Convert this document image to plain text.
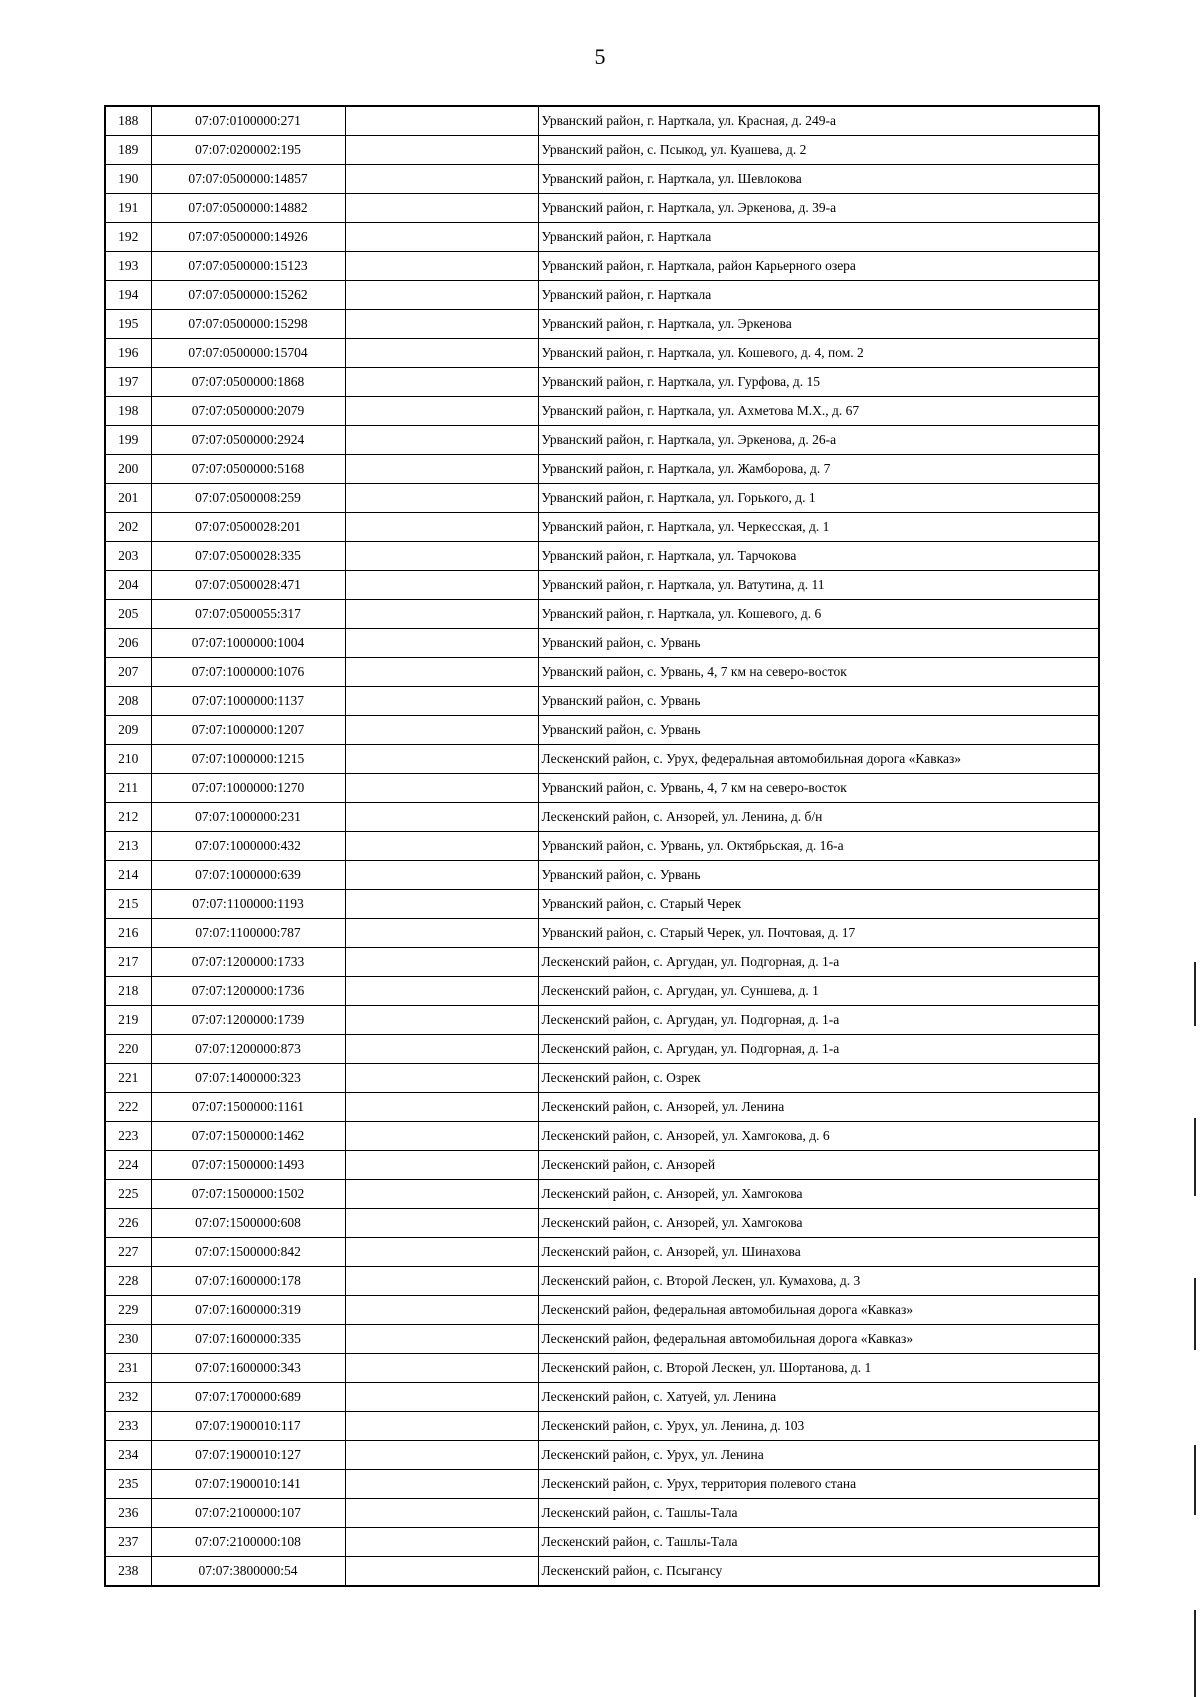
5
188	07:07:0100000:271		Урванский район, г. Нарткала, ул. Красная, д. 249-а
189	07:07:0200002:195		Урванский район, с. Псыкод, ул. Куашева, д. 2
190	07:07:0500000:14857		Урванский район, г. Нарткала, ул. Шевлокова
191	07:07:0500000:14882		Урванский район, г. Нарткала, ул. Эркенова, д. 39-а
192	07:07:0500000:14926		Урванский район, г. Нарткала
193	07:07:0500000:15123		Урванский район, г. Нарткала, район Карьерного озера
194	07:07:0500000:15262		Урванский район, г. Нарткала
195	07:07:0500000:15298		Урванский район, г. Нарткала, ул. Эркенова
196	07:07:0500000:15704		Урванский район, г. Нарткала, ул. Кошевого, д. 4, пом. 2
197	07:07:0500000:1868		Урванский район, г. Нарткала, ул. Гурфова, д. 15
198	07:07:0500000:2079		Урванский район, г. Нарткала, ул. Ахметова М.Х., д. 67
199	07:07:0500000:2924		Урванский район, г. Нарткала, ул. Эркенова, д. 26-а
200	07:07:0500000:5168		Урванский район, г. Нарткала, ул. Жамборова, д. 7
201	07:07:0500008:259		Урванский район, г. Нарткала, ул. Горького, д. 1
202	07:07:0500028:201		Урванский район, г. Нарткала, ул. Черкесская, д. 1
203	07:07:0500028:335		Урванский район, г. Нарткала, ул. Тарчокова
204	07:07:0500028:471		Урванский район, г. Нарткала, ул. Ватутина, д. 11
205	07:07:0500055:317		Урванский район, г. Нарткала, ул. Кошевого, д. 6
206	07:07:1000000:1004		Урванский район, с. Урвань
207	07:07:1000000:1076		Урванский район, с. Урвань, 4, 7 км на северо-восток
208	07:07:1000000:1137		Урванский район, с. Урвань
209	07:07:1000000:1207		Урванский район, с. Урвань
210	07:07:1000000:1215		Лескенский район, с. Урух, федеральная автомобильная дорога «Кавказ»
211	07:07:1000000:1270		Урванский район, с. Урвань, 4, 7 км на северо-восток
212	07:07:1000000:231		Лескенский район, с. Анзорей, ул. Ленина, д. б/н
213	07:07:1000000:432		Урванский район, с. Урвань, ул. Октябрьская, д. 16-а
214	07:07:1000000:639		Урванский район, с. Урвань
215	07:07:1100000:1193		Урванский район, с. Старый Черек
216	07:07:1100000:787		Урванский район, с. Старый Черек, ул. Почтовая, д. 17
217	07:07:1200000:1733		Лескенский район, с. Аргудан, ул. Подгорная, д. 1-а
218	07:07:1200000:1736		Лескенский район, с. Аргудан, ул. Суншева, д. 1
219	07:07:1200000:1739		Лескенский район, с. Аргудан, ул. Подгорная, д. 1-а
220	07:07:1200000:873		Лескенский район, с. Аргудан, ул. Подгорная, д. 1-а
221	07:07:1400000:323		Лескенский район, с. Озрек
222	07:07:1500000:1161		Лескенский район, с. Анзорей, ул. Ленина
223	07:07:1500000:1462		Лескенский район, с. Анзорей, ул. Хамгокова, д. 6
224	07:07:1500000:1493		Лескенский район, с. Анзорей
225	07:07:1500000:1502		Лескенский район, с. Анзорей, ул. Хамгокова
226	07:07:1500000:608		Лескенский район, с. Анзорей, ул. Хамгокова
227	07:07:1500000:842		Лескенский район, с. Анзорей, ул. Шинахова
228	07:07:1600000:178		Лескенский район, с. Второй Лескен, ул. Кумахова, д. 3
229	07:07:1600000:319		Лескенский район, федеральная автомобильная дорога «Кавказ»
230	07:07:1600000:335		Лескенский район, федеральная автомобильная дорога «Кавказ»
231	07:07:1600000:343		Лескенский район, с. Второй Лескен, ул. Шортанова, д. 1
232	07:07:1700000:689		Лескенский район, с. Хатуей, ул. Ленина
233	07:07:1900010:117		Лескенский район, с. Урух, ул. Ленина, д. 103
234	07:07:1900010:127		Лескенский район, с. Урух, ул. Ленина
235	07:07:1900010:141		Лескенский район, с. Урух, территория полевого стана
236	07:07:2100000:107		Лескенский район, с. Ташлы-Тала
237	07:07:2100000:108		Лескенский район, с. Ташлы-Тала
238	07:07:3800000:54		Лескенский район, с. Псыгансу
